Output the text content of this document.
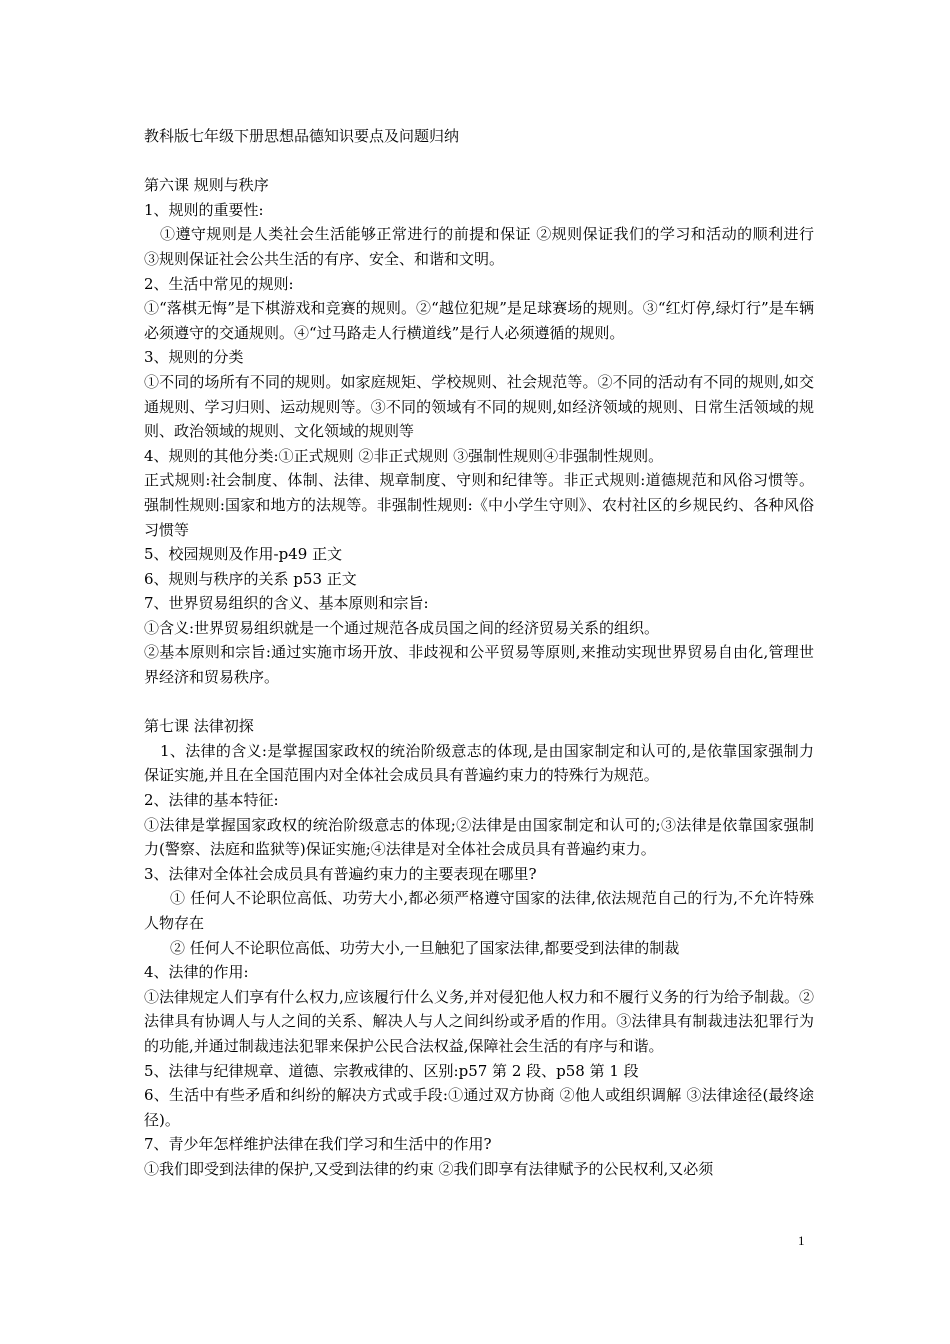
教科版七年级下册思想品德知识要点及问题归纳

第六课 规则与秩序

1、规则的重要性:

①遵守规则是人类社会生活能够正常进行的前提和保证 ②规则保证我们的学习和活动的顺利进行 ③规则保证社会公共生活的有序、安全、和谐和文明。

2、生活中常见的规则:

①“落棋无悔”是下棋游戏和竞赛的规则。②“越位犯规”是足球赛场的规则。③“红灯停,绿灯行”是车辆必须遵守的交通规则。④“过马路走人行横道线”是行人必须遵循的规则。

3、规则的分类

①不同的场所有不同的规则。如家庭规矩、学校规则、社会规范等。②不同的活动有不同的规则,如交通规则、学习归则、运动规则等。③不同的领域有不同的规则,如经济领域的规则、日常生活领域的规则、政治领域的规则、文化领域的规则等

4、规则的其他分类:①正式规则 ②非正式规则 ③强制性规则④非强制性规则。

正式规则:社会制度、体制、法律、规章制度、守则和纪律等。非正式规则:道德规范和风俗习惯等。强制性规则:国家和地方的法规等。非强制性规则:《中小学生守则》、农村社区的乡规民约、各种风俗习惯等

5、校园规则及作用-p49 正文

6、规则与秩序的关系 p53 正文

7、世界贸易组织的含义、基本原则和宗旨:

①含义:世界贸易组织就是一个通过规范各成员国之间的经济贸易关系的组织。

②基本原则和宗旨:通过实施市场开放、非歧视和公平贸易等原则,来推动实现世界贸易自由化,管理世界经济和贸易秩序。

第七课 法律初探

1、法律的含义:是掌握国家政权的统治阶级意志的体现,是由国家制定和认可的,是依靠国家强制力保证实施,并且在全国范围内对全体社会成员具有普遍约束力的特殊行为规范。

2、法律的基本特征:

①法律是掌握国家政权的统治阶级意志的体现;②法律是由国家制定和认可的;③法律是依靠国家强制力(警察、法庭和监狱等)保证实施;④法律是对全体社会成员具有普遍约束力。

3、法律对全体社会成员具有普遍约束力的主要表现在哪里?

① 任何人不论职位高低、功劳大小,都必须严格遵守国家的法律,依法规范自己的行为,不允许特殊人物存在

② 任何人不论职位高低、功劳大小,一旦触犯了国家法律,都要受到法律的制裁

4、法律的作用:

①法律规定人们享有什么权力,应该履行什么义务,并对侵犯他人权力和不履行义务的行为给予制裁。②法律具有协调人与人之间的关系、解决人与人之间纠纷或矛盾的作用。③法律具有制裁违法犯罪行为的功能,并通过制裁违法犯罪来保护公民合法权益,保障社会生活的有序与和谐。

5、法律与纪律规章、道德、宗教戒律的、区别:p57 第 2 段、p58 第 1 段

6、生活中有些矛盾和纠纷的解决方式或手段:①通过双方协商 ②他人或组织调解 ③法律途径(最终途径)。

7、青少年怎样维护法律在我们学习和生活中的作用?

①我们即受到法律的保护,又受到法律的约束 ②我们即享有法律赋予的公民权利,又必须

1
